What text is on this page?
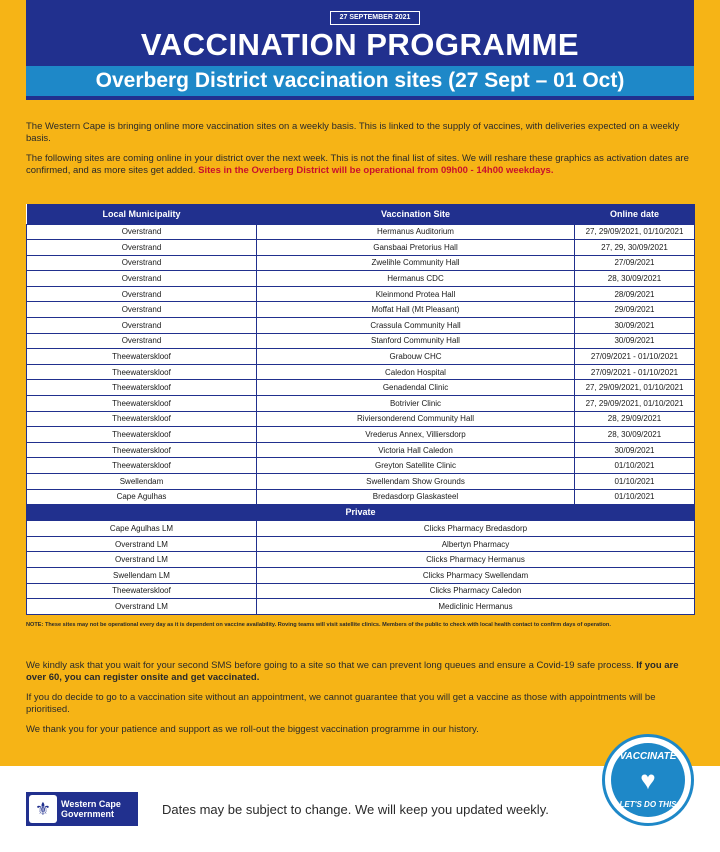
27 SEPTEMBER 2021
VACCINATION PROGRAMME
Overberg District vaccination sites (27 Sept – 01 Oct)

The Western Cape is bringing online more vaccination sites on a weekly basis. This is linked to the supply of vaccines, with deliveries expected on a weekly basis.

The following sites are coming online in your district over the next week. This is not the final list of sites. We will reshare these graphics as activation dates are confirmed, and as more sites get added. Sites in the Overberg District will be operational from 09h00 - 14h00 weekdays.

Local Municipality	Vaccination Site	Online date
Overstrand	Hermanus Auditorium	27, 29/09/2021, 01/10/2021
Overstrand	Gansbaai Pretorius Hall	27, 29, 30/09/2021
Overstrand	Zwelihle Community Hall	27/09/2021
Overstrand	Hermanus CDC	28, 30/09/2021
Overstrand	Kleinmond Protea Hall	28/09/2021
Overstrand	Moffat Hall (Mt Pleasant)	29/09/2021
Overstrand	Crassula Community Hall	30/09/2021
Overstrand	Stanford Community Hall	30/09/2021
Theewaterskloof	Grabouw CHC	27/09/2021 - 01/10/2021
Theewaterskloof	Caledon Hospital	27/09/2021 - 01/10/2021
Theewaterskloof	Genadendal Clinic	27, 29/09/2021, 01/10/2021
Theewaterskloof	Botrivier Clinic	27, 29/09/2021, 01/10/2021
Theewaterskloof	Riviersonderend Community Hall	28, 29/09/2021
Theewaterskloof	Vrederus Annex, Villiersdorp	28, 30/09/2021
Theewaterskloof	Victoria Hall Caledon	30/09/2021
Theewaterskloof	Greyton Satellite Clinic	01/10/2021
Swellendam	Swellendam Show Grounds	01/10/2021
Cape Agulhas	Bredasdorp Glaskasteel	01/10/2021
Private		
Cape Agulhas LM	Clicks Pharmacy Bredasdorp	
Overstrand LM	Albertyn Pharmacy	
Overstrand LM	Clicks Pharmacy Hermanus	
Swellendam LM	Clicks Pharmacy Swellendam	
Theewaterskloof	Clicks Pharmacy Caledon	
Overstrand LM	Mediclinic Hermanus	
NOTE: These sites may not be operational every day as it is dependent on vaccine availability. Roving teams will visit satellite clinics. Members of the public to check with local health contact to confirm days of operation.

We kindly ask that you wait for your second SMS before going to a site so that we can prevent long queues and ensure a Covid-19 safe process. If you are over 60, you can register onsite and get vaccinated.

If you do decide to go to a vaccination site without an appointment, we cannot guarantee that you will get a vaccine as those with appointments will be prioritised.

We thank you for your patience and support as we roll-out the biggest vaccination programme in our history.

⚜	Western Cape
Government	Dates may be subject to change. We will keep you updated weekly.
VACCINATE
♥
LET'S DO THIS
